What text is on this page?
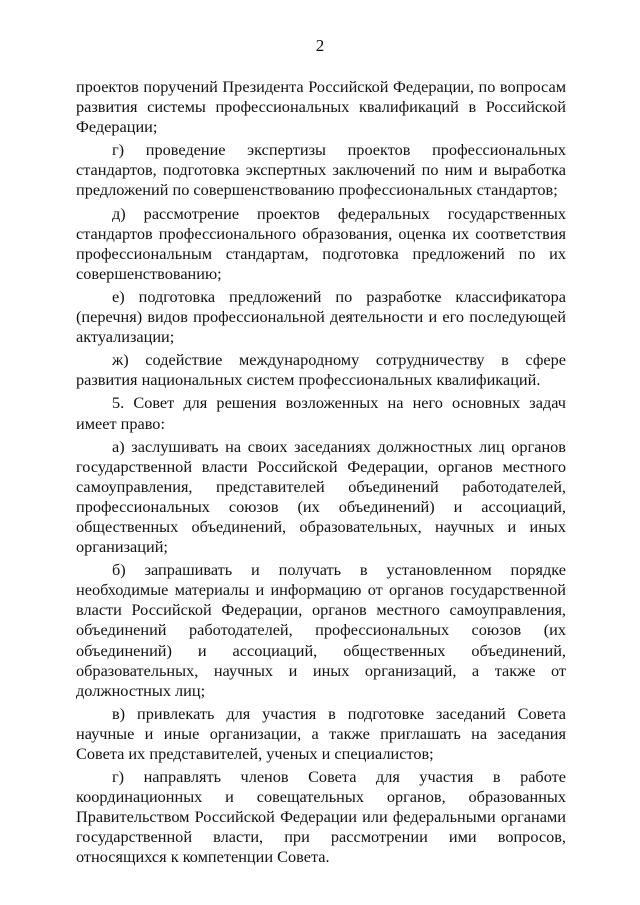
2

проектов поручений Президента Российской Федерации, по вопросам развития системы профессиональных квалификаций в Российской Федерации;

г) проведение экспертизы проектов профессиональных стандартов, подготовка экспертных заключений по ним и выработка предложений по совершенствованию профессиональных стандартов;

д) рассмотрение проектов федеральных государственных стандартов профессионального образования, оценка их соответствия профессиональным стандартам, подготовка предложений по их совершенствованию;

е) подготовка предложений по разработке классификатора (перечня) видов профессиональной деятельности и его последующей актуализации;

ж) содействие международному сотрудничеству в сфере развития национальных систем профессиональных квалификаций.

5. Совет для решения возложенных на него основных задач имеет право:

а) заслушивать на своих заседаниях должностных лиц органов государственной власти Российской Федерации, органов местного самоуправления, представителей объединений работодателей, профессиональных союзов (их объединений) и ассоциаций, общественных объединений, образовательных, научных и иных организаций;

б) запрашивать и получать в установленном порядке необходимые материалы и информацию от органов государственной власти Российской Федерации, органов местного самоуправления, объединений работодателей, профессиональных союзов (их объединений) и ассоциаций, общественных объединений, образовательных, научных и иных организаций, а также от должностных лиц;

в) привлекать для участия в подготовке заседаний Совета научные и иные организации, а также приглашать на заседания Совета их представителей, ученых и специалистов;

г) направлять членов Совета для участия в работе координационных и совещательных органов, образованных Правительством Российской Федерации или федеральными органами государственной власти, при рассмотрении ими вопросов, относящихся к компетенции Совета.
